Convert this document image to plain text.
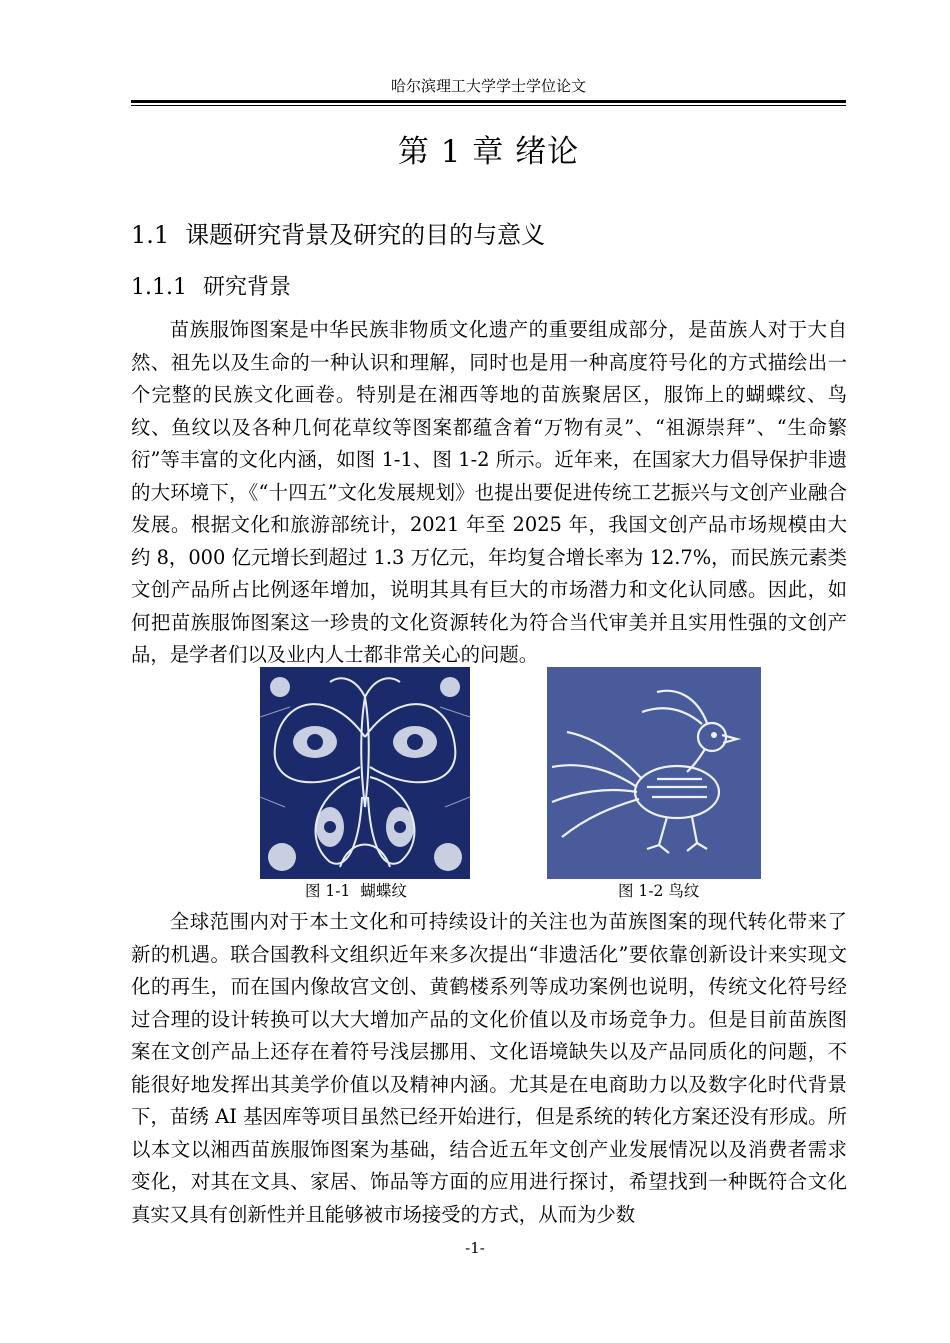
哈尔滨理工大学学士学位论文
第 1 章 绪论
1.1 课题研究背景及研究的目的与意义
1.1.1 研究背景

苗族服饰图案是中华民族非物质文化遗产的重要组成部分，是苗族人对于大自然、祖先以及生命的一种认识和理解，同时也是用一种高度符号化的方式描绘出一个完整的民族文化画卷。特别是在湘西等地的苗族聚居区，服饰上的蝴蝶纹、鸟纹、鱼纹以及各种几何花草纹等图案都蕴含着“万物有灵”、“祖源崇拜”、“生命繁衍”等丰富的文化内涵，如图 1-1、图 1-2 所示。近年来，在国家大力倡导保护非遗的大环境下，《“十四五”文化发展规划》也提出要促进传统工艺振兴与文创产业融合发展。根据文化和旅游部统计，2021 年至 2025 年，我国文创产品市场规模由大约 8，000 亿元增长到超过 1.3 万亿元，年均复合增长率为 12.7%，而民族元素类文创产品所占比例逐年增加，说明其具有巨大的市场潜力和文化认同感。因此，如何把苗族服饰图案这一珍贵的文化资源转化为符合当代审美并且实用性强的文创产品，是学者们以及业内人士都非常关心的问题。

图 1-1 蝴蝶纹	图 1-2 鸟纹

全球范围内对于本土文化和可持续设计的关注也为苗族图案的现代转化带来了新的机遇。联合国教科文组织近年来多次提出“非遗活化”要依靠创新设计来实现文化的再生，而在国内像故宫文创、黄鹤楼系列等成功案例也说明，传统文化符号经过合理的设计转换可以大大增加产品的文化价值以及市场竞争力。但是目前苗族图案在文创产品上还存在着符号浅层挪用、文化语境缺失以及产品同质化的问题，不能很好地发挥出其美学价值以及精神内涵。尤其是在电商助力以及数字化时代背景下，苗绣 AI 基因库等项目虽然已经开始进行，但是系统的转化方案还没有形成。所以本文以湘西苗族服饰图案为基础，结合近五年文创产业发展情况以及消费者需求变化，对其在文具、家居、饰品等方面的应用进行探讨，希望找到一种既符合文化真实又具有创新性并且能够被市场接受的方式，从而为少数

-1-
